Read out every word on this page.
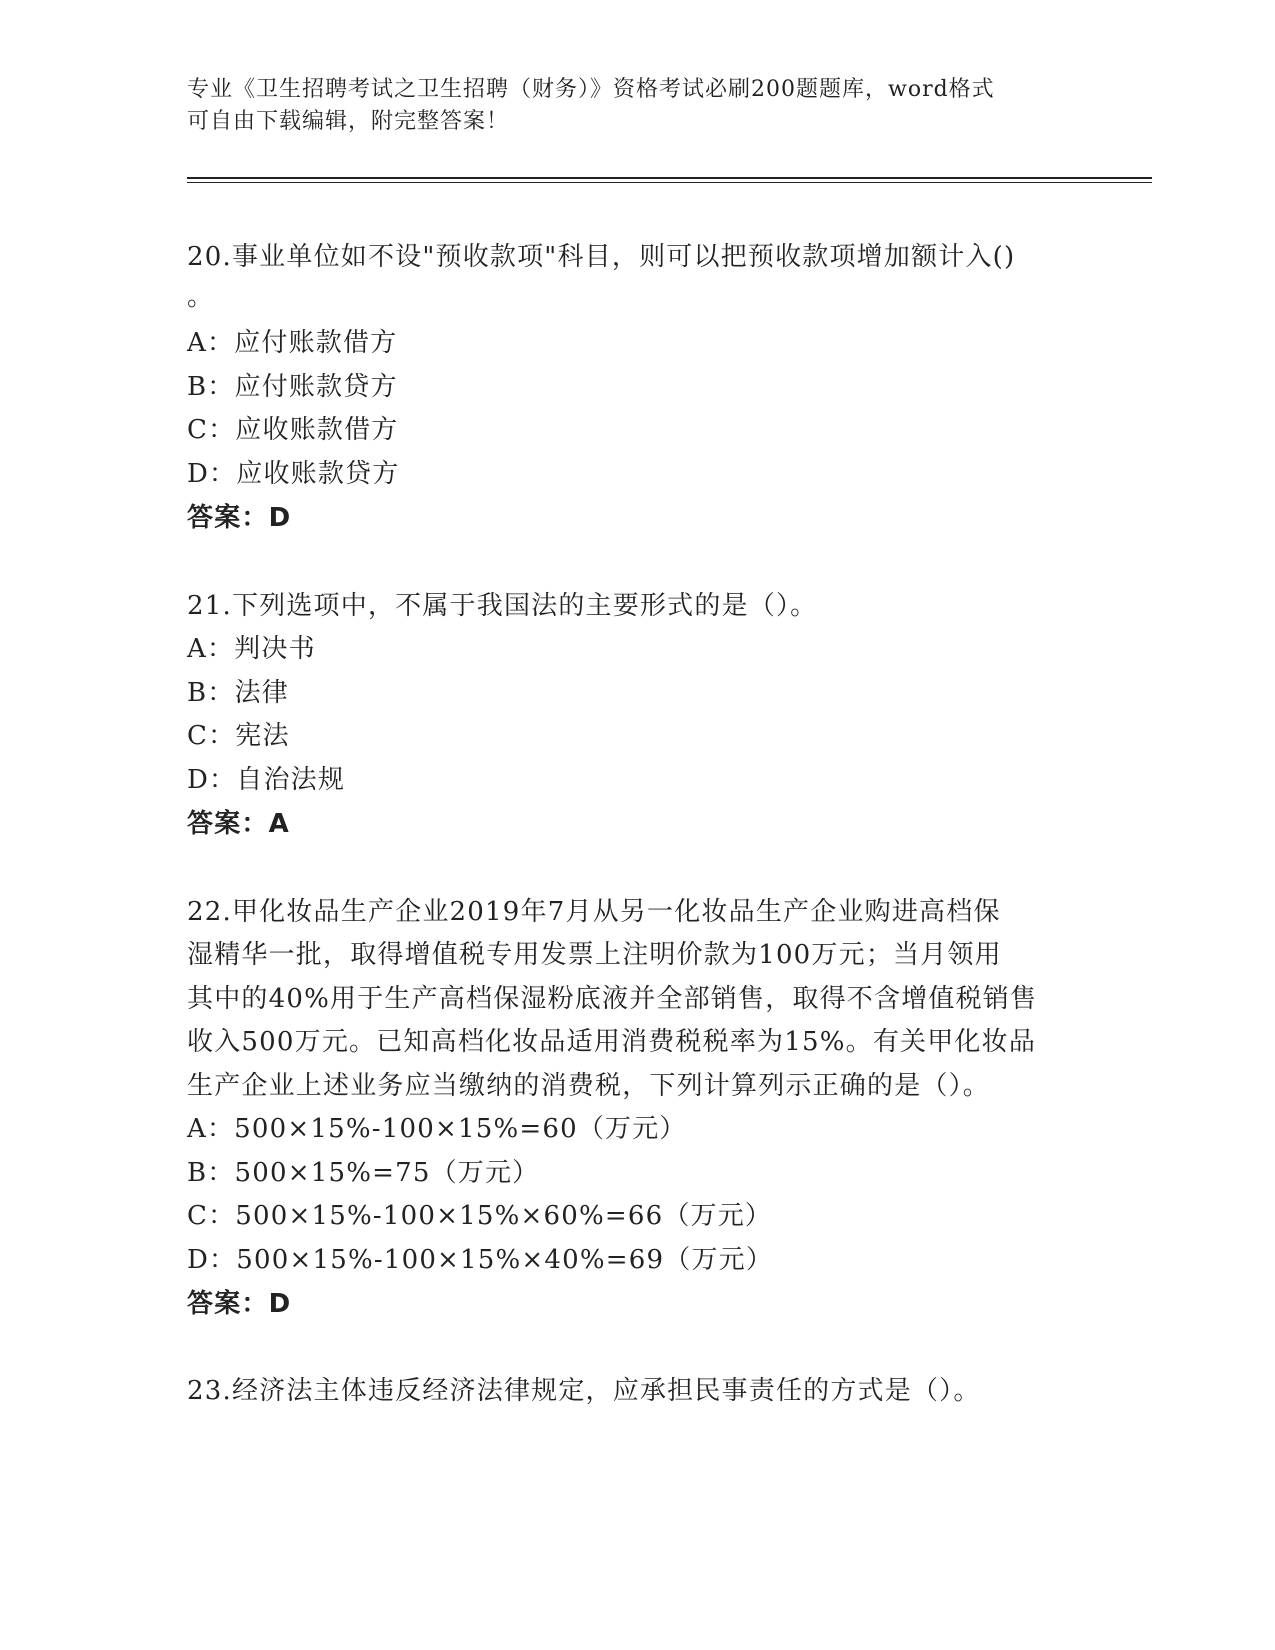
专业《卫生招聘考试之卫生招聘（财务）》资格考试必刷200题题库，word格式

可自由下载编辑，附完整答案！

20.事业单位如不设"预收款项"科目，则可以把预收款项增加额计入()
。
A：应付账款借方
B：应付账款贷方
C：应收账款借方
D：应收账款贷方
答案：D
21.下列选项中，不属于我国法的主要形式的是（）。
A：判决书
B：法律
C：宪法
D：自治法规
答案：A
22.甲化妆品生产企业2019年7月从另一化妆品生产企业购进高档保
湿精华一批，取得增值税专用发票上注明价款为100万元；当月领用
其中的40%用于生产高档保湿粉底液并全部销售，取得不含增值税销售
收入500万元。已知高档化妆品适用消费税税率为15%。有关甲化妆品
生产企业上述业务应当缴纳的消费税，下列计算列示正确的是（）。
A：500×15%-100×15%=60（万元）
B：500×15%=75（万元）
C：500×15%-100×15%×60%=66（万元）
D：500×15%-100×15%×40%=69（万元）
答案：D
23.经济法主体违反经济法律规定，应承担民事责任的方式是（）。
